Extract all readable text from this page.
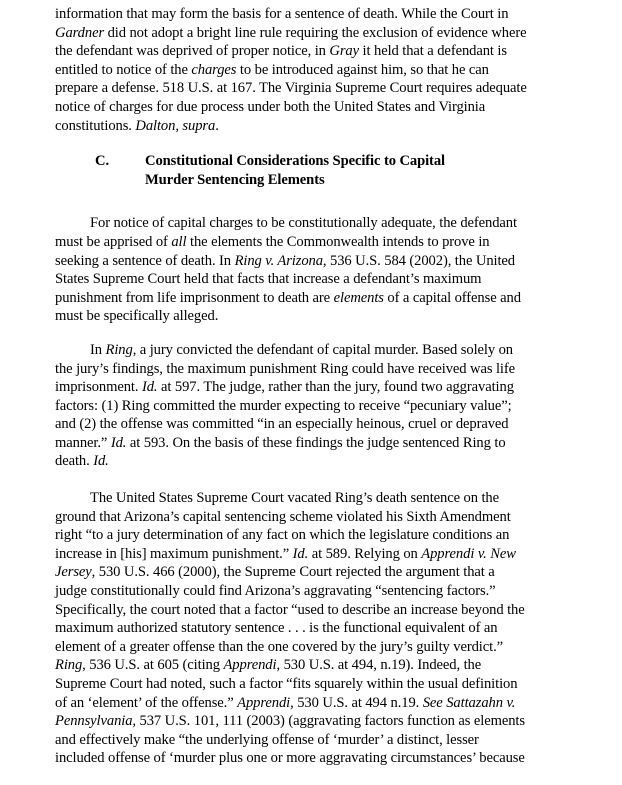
information that may form the basis for a sentence of death. While the Court in
Gardner did not adopt a bright line rule requiring the exclusion of evidence where
the defendant was deprived of proper notice, in Gray it held that a defendant is
entitled to notice of the charges to be introduced against him, so that he can
prepare a defense. 518 U.S. at 167. The Virginia Supreme Court requires adequate
notice of charges for due process under both the United States and Virginia
constitutions. Dalton, supra.
C.	Constitutional Considerations Specific to Capital
Murder Sentencing Elements
For notice of capital charges to be constitutionally adequate, the defendant
must be apprised of all the elements the Commonwealth intends to prove in
seeking a sentence of death. In Ring v. Arizona, 536 U.S. 584 (2002), the United
States Supreme Court held that facts that increase a defendant’s maximum
punishment from life imprisonment to death are elements of a capital offense and
must be specifically alleged.
In Ring, a jury convicted the defendant of capital murder. Based solely on
the jury’s findings, the maximum punishment Ring could have received was life
imprisonment. Id. at 597. The judge, rather than the jury, found two aggravating
factors: (1) Ring committed the murder expecting to receive “pecuniary value”;
and (2) the offense was committed “in an especially heinous, cruel or depraved
manner.” Id. at 593. On the basis of these findings the judge sentenced Ring to
death. Id.
The United States Supreme Court vacated Ring’s death sentence on the
ground that Arizona’s capital sentencing scheme violated his Sixth Amendment
right “to a jury determination of any fact on which the legislature conditions an
increase in [his] maximum punishment.” Id. at 589. Relying on Apprendi v. New
Jersey, 530 U.S. 466 (2000), the Supreme Court rejected the argument that a
judge constitutionally could find Arizona’s aggravating “sentencing factors.”
Specifically, the court noted that a factor “used to describe an increase beyond the
maximum authorized statutory sentence . . . is the functional equivalent of an
element of a greater offense than the one covered by the jury’s guilty verdict.”
Ring, 536 U.S. at 605 (citing Apprendi, 530 U.S. at 494, n.19). Indeed, the
Supreme Court had noted, such a factor “fits squarely within the usual definition
of an ‘element’ of the offense.” Apprendi, 530 U.S. at 494 n.19. See Sattazahn v.
Pennsylvania, 537 U.S. 101, 111 (2003) (aggravating factors function as elements
and effectively make “the underlying offense of ‘murder’ a distinct, lesser
included offense of ‘murder plus one or more aggravating circumstances’ because
